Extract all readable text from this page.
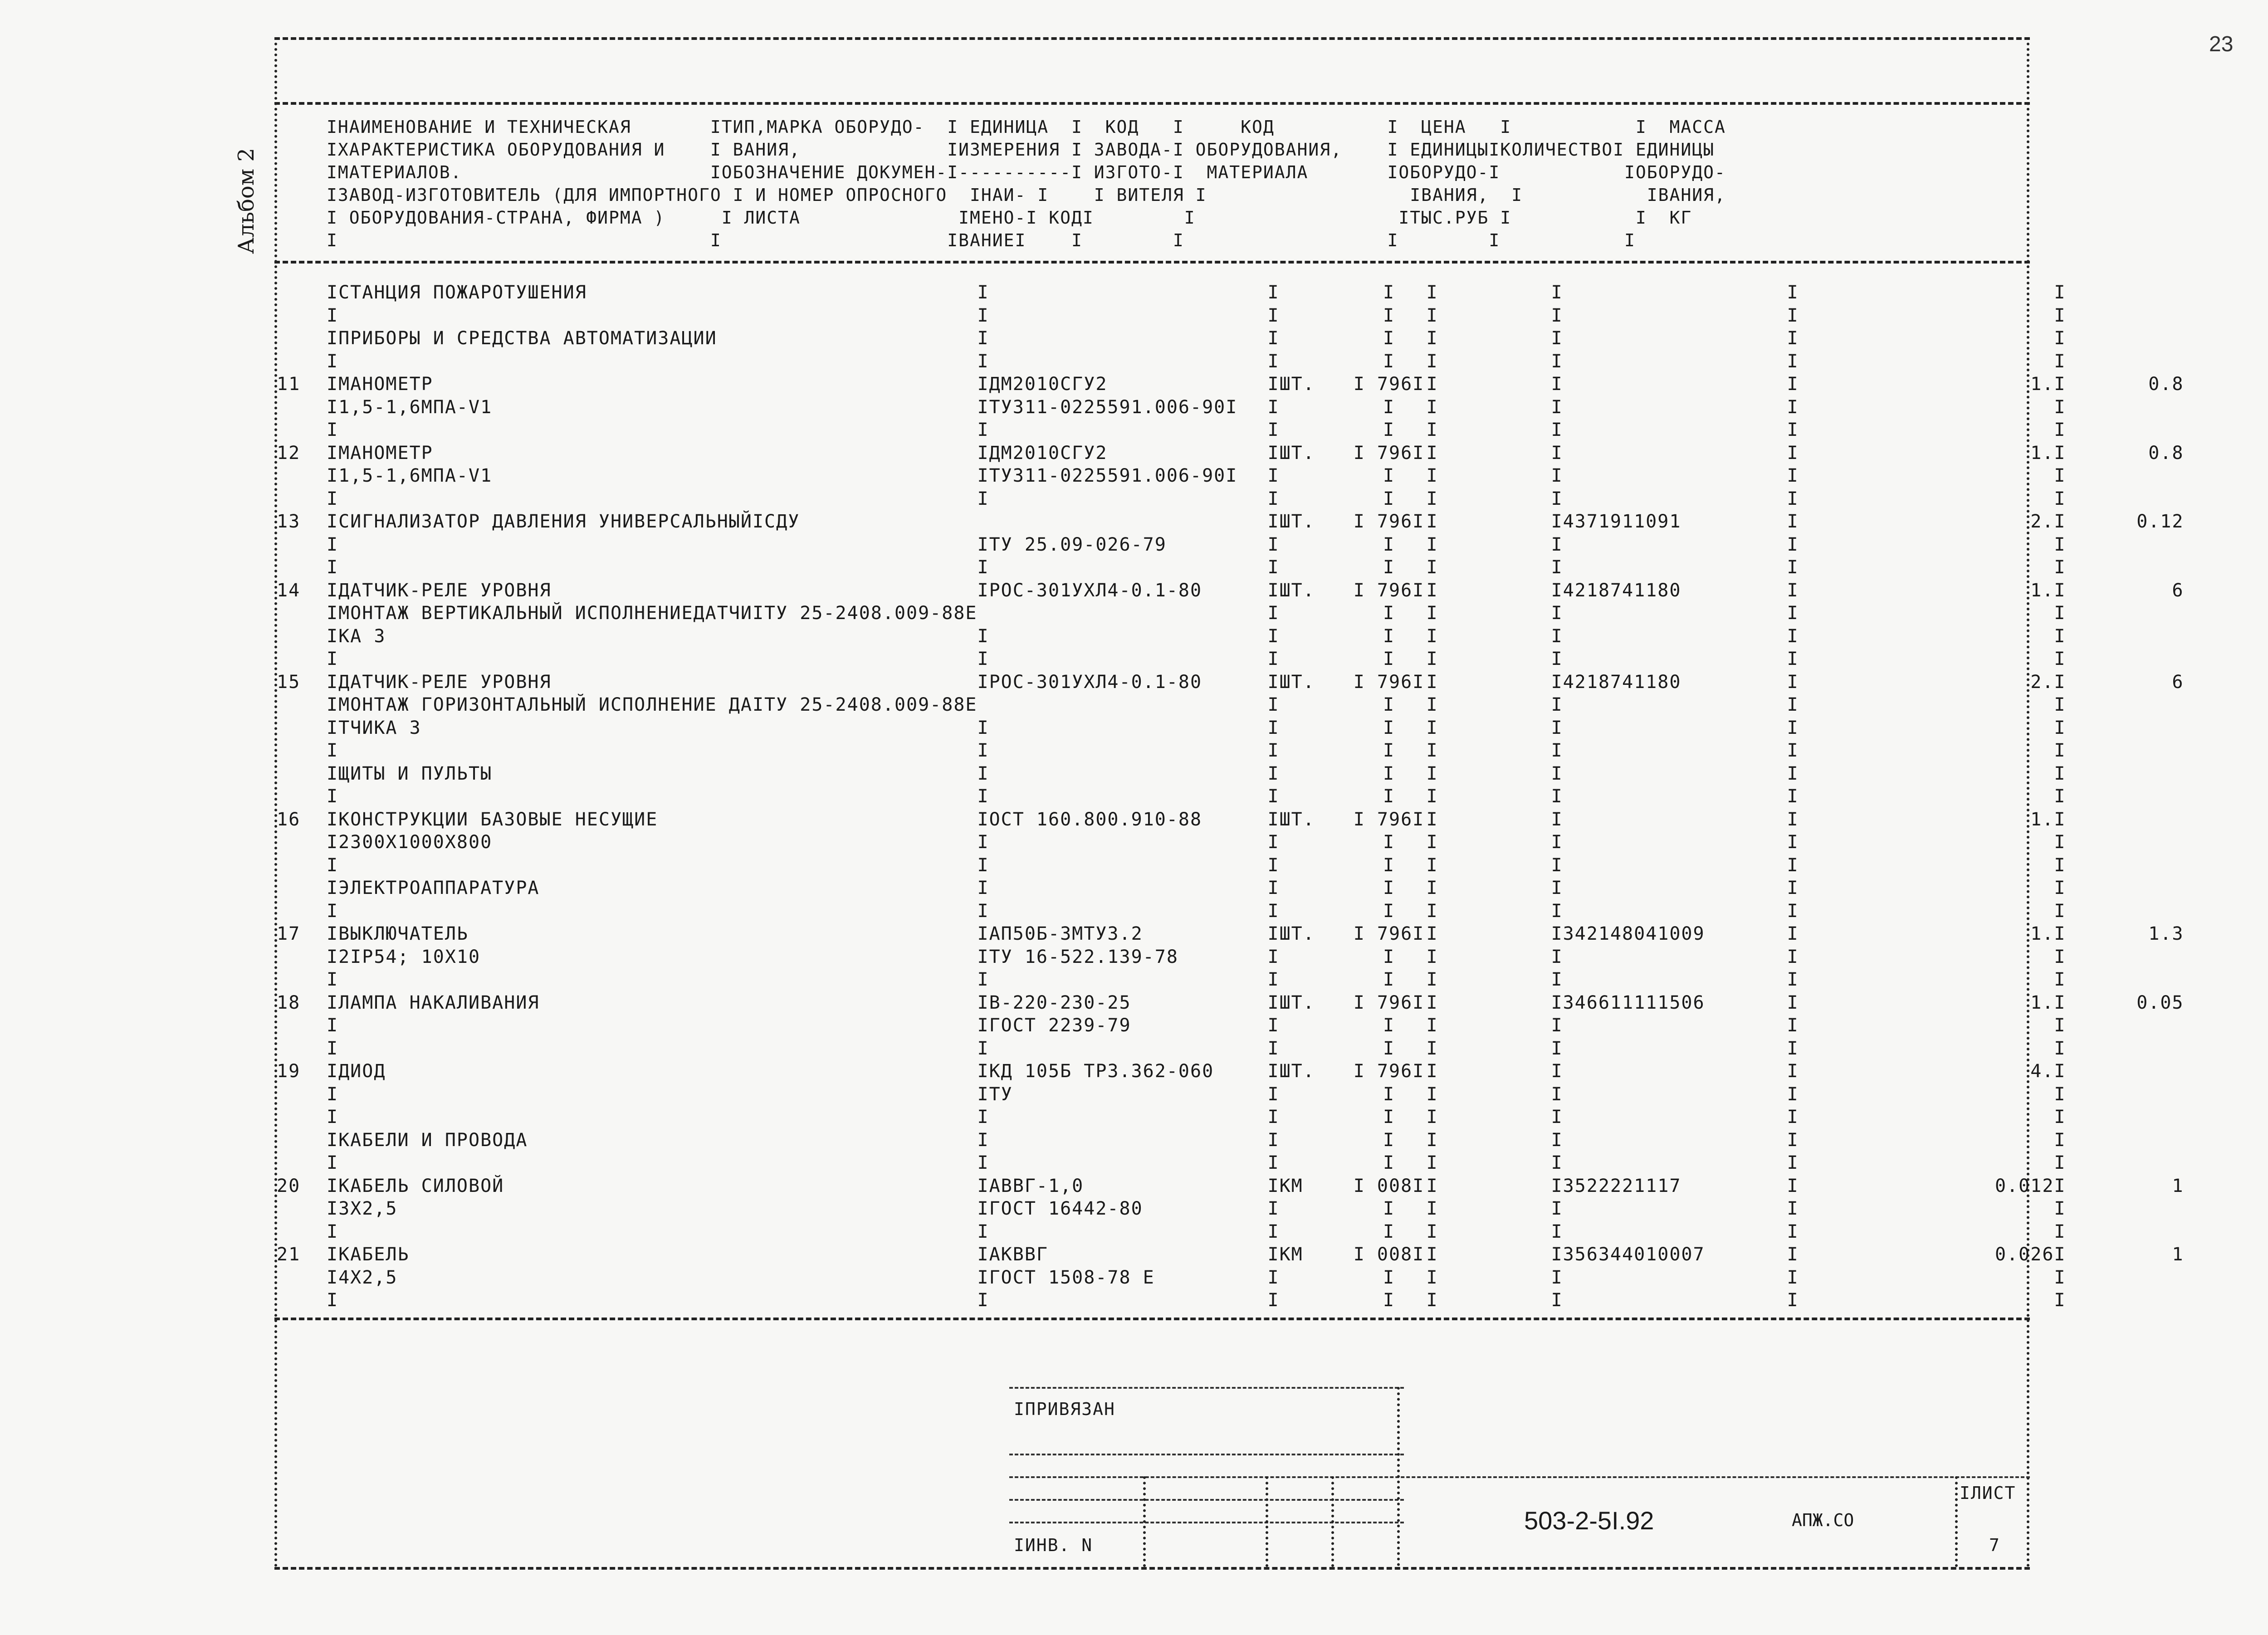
23
Альбом 2
IНАИМЕНОВАНИЕ И ТЕХНИЧЕСКАЯ       IТИП,МАРКА ОБОРУДО-  I ЕДИНИЦА  I  КОД   I     КОД          I  ЦЕНА   I           I  МАССА
IХАРАКТЕРИСТИКА ОБОРУДОВАНИЯ И    I ВАНИЯ,             IИЗМЕРЕНИЯ I ЗАВОДА-I ОБОРУДОВАНИЯ,    I ЕДИНИЦЫIКОЛИЧЕСТВОI ЕДИНИЦЫ
IМАТЕРИАЛОВ.                      IОБОЗНАЧЕНИЕ ДОКУМЕН-I----------I ИЗГОТО-I  МАТЕРИАЛА       IОБОРУДО-I           IОБОРУДО-
IЗАВОД-ИЗГОТОВИТЕЛЬ (ДЛЯ ИМПОРТНОГО I И НОМЕР ОПРОСНОГО  IНАИ- I    I ВИТЕЛЯ I                  IВАНИЯ,  I           IВАНИЯ,
I ОБОРУДОВАНИЯ-СТРАНА, ФИРМА )     I ЛИСТА              IМЕНО-I КОДI        I                  IТЫС.РУБ I           I  КГ
I                                 I                    IВАНИЕI    I        I                  I        I           I
	IСТАНЦИЯ ПОЖАРОТУШЕНИЯ	I	I	I	I	I	I	I	
	I	I	I	I	I	I	I	I	
	IПРИБОРЫ И СРЕДСТВА АВТОМАТИЗАЦИИ	I	I	I	I	I	I	I	
	I	I	I	I	I	I	I	I	
11	IМАНОМЕТР	IДМ2010СГУ2	IШТ.	I 796I	I	I	I	1.I	0.8
	I1,5-1,6МПА-V1	IТУ311-0225591.006-90I	I	I	I	I	I	I	
	I	I	I	I	I	I	I	I	
12	IМАНОМЕТР	IДМ2010СГУ2	IШТ.	I 796I	I	I	I	1.I	0.8
	I1,5-1,6МПА-V1	IТУ311-0225591.006-90I	I	I	I	I	I	I	
	I	I	I	I	I	I	I	I	
13	IСИГНАЛИЗАТОР ДАВЛЕНИЯ УНИВЕРСАЛЬНЫЙIСДУ		IШТ.	I 796I	I	I4371911091	I	2.I	0.12
	I	IТУ 25.09-026-79	I	I	I	I	I	I	
	I	I	I	I	I	I	I	I	
14	IДАТЧИК-РЕЛЕ УРОВНЯ	IРОС-301УХЛ4-0.1-80	IШТ.	I 796I	I	I4218741180	I	1.I	6
	IМОНТАЖ ВЕРТИКАЛЬНЫЙ ИСПОЛНЕНИЕДАТЧИIТУ 25-2408.009-88Е		I	I	I	I	I	I	
	IКА 3	I	I	I	I	I	I	I	
	I	I	I	I	I	I	I	I	
15	IДАТЧИК-РЕЛЕ УРОВНЯ	IРОС-301УХЛ4-0.1-80	IШТ.	I 796I	I	I4218741180	I	2.I	6
	IМОНТАЖ ГОРИЗОНТАЛЬНЫЙ ИСПОЛНЕНИЕ ДАIТУ 25-2408.009-88Е		I	I	I	I	I	I	
	IТЧИКА 3	I	I	I	I	I	I	I	
	I	I	I	I	I	I	I	I	
	IЩИТЫ И ПУЛЬТЫ	I	I	I	I	I	I	I	
	I	I	I	I	I	I	I	I	
16	IКОНСТРУКЦИИ БАЗОВЫЕ НЕСУЩИЕ	IОСТ 160.800.910-88	IШТ.	I 796I	I	I	I	1.I	
	I2300Х1000Х800	I	I	I	I	I	I	I	
	I	I	I	I	I	I	I	I	
	IЭЛЕКТРОАППАРАТУРА	I	I	I	I	I	I	I	
	I	I	I	I	I	I	I	I	
17	IВЫКЛЮЧАТЕЛЬ	IАП50Б-3МТУ3.2	IШТ.	I 796I	I	I342148041009	I	1.I	1.3
	I2IP54; 10Х10	IТУ 16-522.139-78	I	I	I	I	I	I	
	I	I	I	I	I	I	I	I	
18	IЛАМПА НАКАЛИВАНИЯ	IВ-220-230-25	IШТ.	I 796I	I	I346611111506	I	1.I	0.05
	I	IГОСТ 2239-79	I	I	I	I	I	I	
	I	I	I	I	I	I	I	I	
19	IДИОД	IКД 105Б ТР3.362-060	IШТ.	I 796I	I	I	I	4.I	
	I	IТУ	I	I	I	I	I	I	
	I	I	I	I	I	I	I	I	
	IКАБЕЛИ И ПРОВОДА	I	I	I	I	I	I	I	
	I	I	I	I	I	I	I	I	
20	IКАБЕЛЬ СИЛОВОЙ	IАВВГ-1,0	IКМ	I 008I	I	I3522221117	I	0.012I	1
	I3Х2,5	IГОСТ 16442-80	I	I	I	I	I	I	
	I	I	I	I	I	I	I	I	
21	IКАБЕЛЬ	IАКВВГ	IКМ	I 008I	I	I356344010007	I	0.026I	1
	I4Х2,5	IГОСТ 1508-78 Е	I	I	I	I	I	I	
	I	I	I	I	I	I	I	I	
IПРИВЯЗАН
IИНВ. N
503-2-5I.92	АПЖ.СО
IЛИСТ
7
